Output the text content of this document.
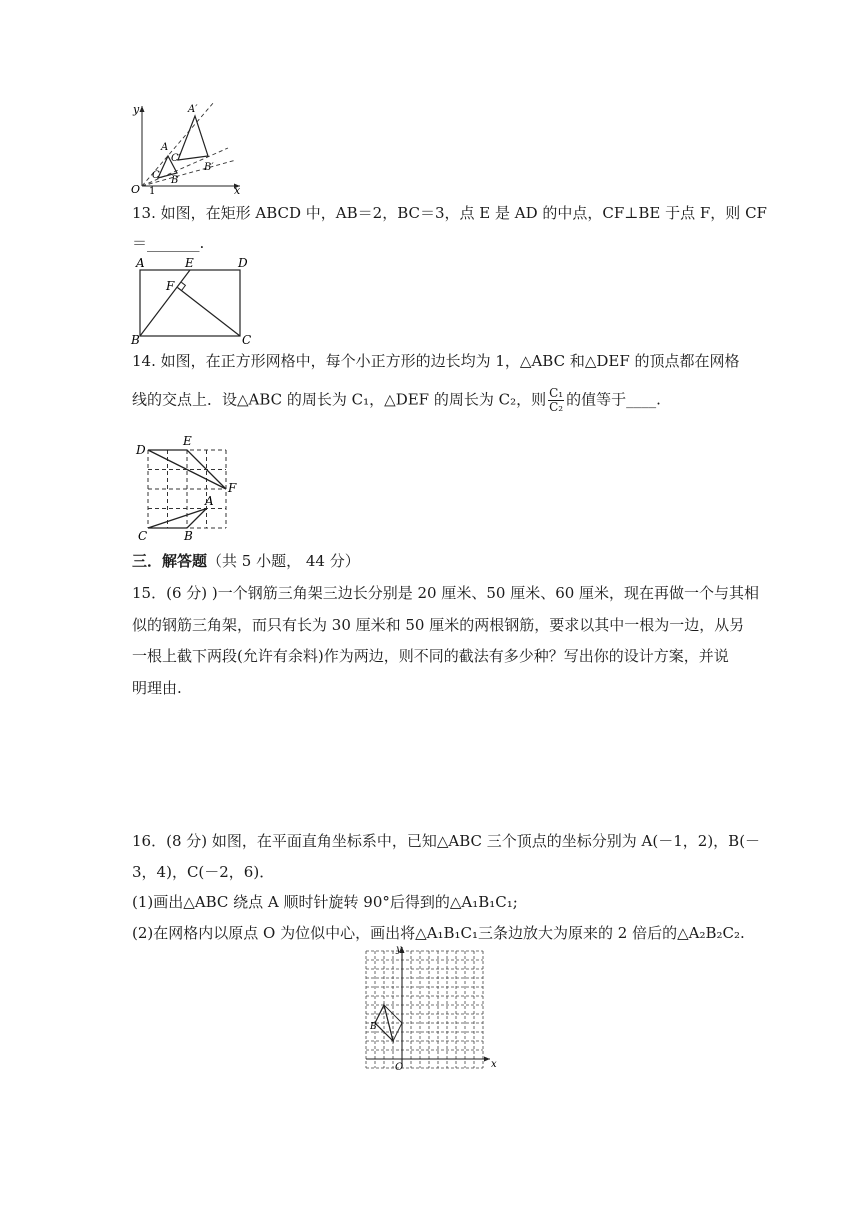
y
x
O 1
A
C B
A′
C′
B′
13. 如图，在矩形 ABCD 中，AB＝2，BC＝3，点 E 是 AD 的中点，CF⊥BE 于点 F，则 CF
＝_______.
A	E	D
F
B	C
14. 如图，在正方形网格中，每个小正方形的边长均为 1，△ABC 和△DEF 的顶点都在网格
线的交点上．设△ABC 的周长为 C₁，△DEF 的周长为 C₂，则 $\frac{\text{C₁}}{\text{C₂}}$ 的值等于____.
D
E
F
A
B
C
三．解答题（共 5 小题， 44 分）
15．(6 分) )一个钢筋三角架三边长分别是 20 厘米、50 厘米、60 厘米，现在再做一个与其相
似的钢筋三角架，而只有长为 30 厘米和 50 厘米的两根钢筋，要求以其中一根为一边，从另
一根上截下两段(允许有余料)作为两边，则不同的截法有多少种？写出你的设计方案，并说
明理由.
16．(8 分) 如图，在平面直角坐标系中，已知△ABC 三个顶点的坐标分别为 A(－1，2)，B(－
3，4)，C(－2，6)．
(1)画出△ABC 绕点 A 顺时针旋转 90°后得到的△A₁B₁C₁;
(2)在网格内以原点 O 为位似中心，画出将△A₁B₁C₁三条边放大为原来的 2 倍后的△A₂B₂C₂.
x
y
O
B
